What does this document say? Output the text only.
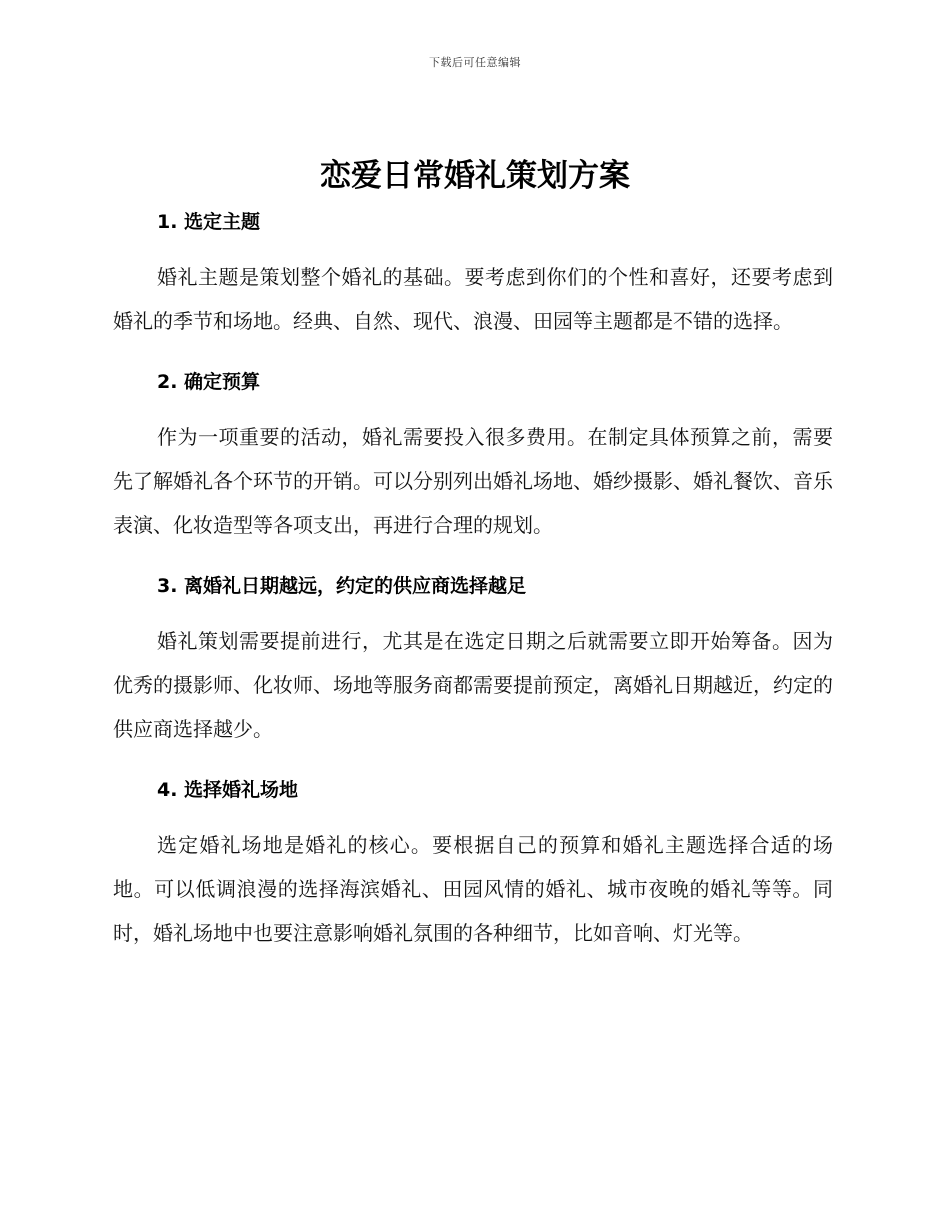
下载后可任意编辑
恋爱日常婚礼策划方案
1. 选定主题

婚礼主题是策划整个婚礼的基础。要考虑到你们的个性和喜好，还要考虑到婚礼的季节和场地。经典、自然、现代、浪漫、田园等主题都是不错的选择。

2. 确定预算

作为一项重要的活动，婚礼需要投入很多费用。在制定具体预算之前，需要先了解婚礼各个环节的开销。可以分别列出婚礼场地、婚纱摄影、婚礼餐饮、音乐表演、化妆造型等各项支出，再进行合理的规划。

3. 离婚礼日期越远，约定的供应商选择越足

婚礼策划需要提前进行，尤其是在选定日期之后就需要立即开始筹备。因为优秀的摄影师、化妆师、场地等服务商都需要提前预定，离婚礼日期越近，约定的供应商选择越少。

4. 选择婚礼场地

选定婚礼场地是婚礼的核心。要根据自己的预算和婚礼主题选择合适的场地。可以低调浪漫的选择海滨婚礼、田园风情的婚礼、城市夜晚的婚礼等等。同时，婚礼场地中也要注意影响婚礼氛围的各种细节，比如音响、灯光等。
